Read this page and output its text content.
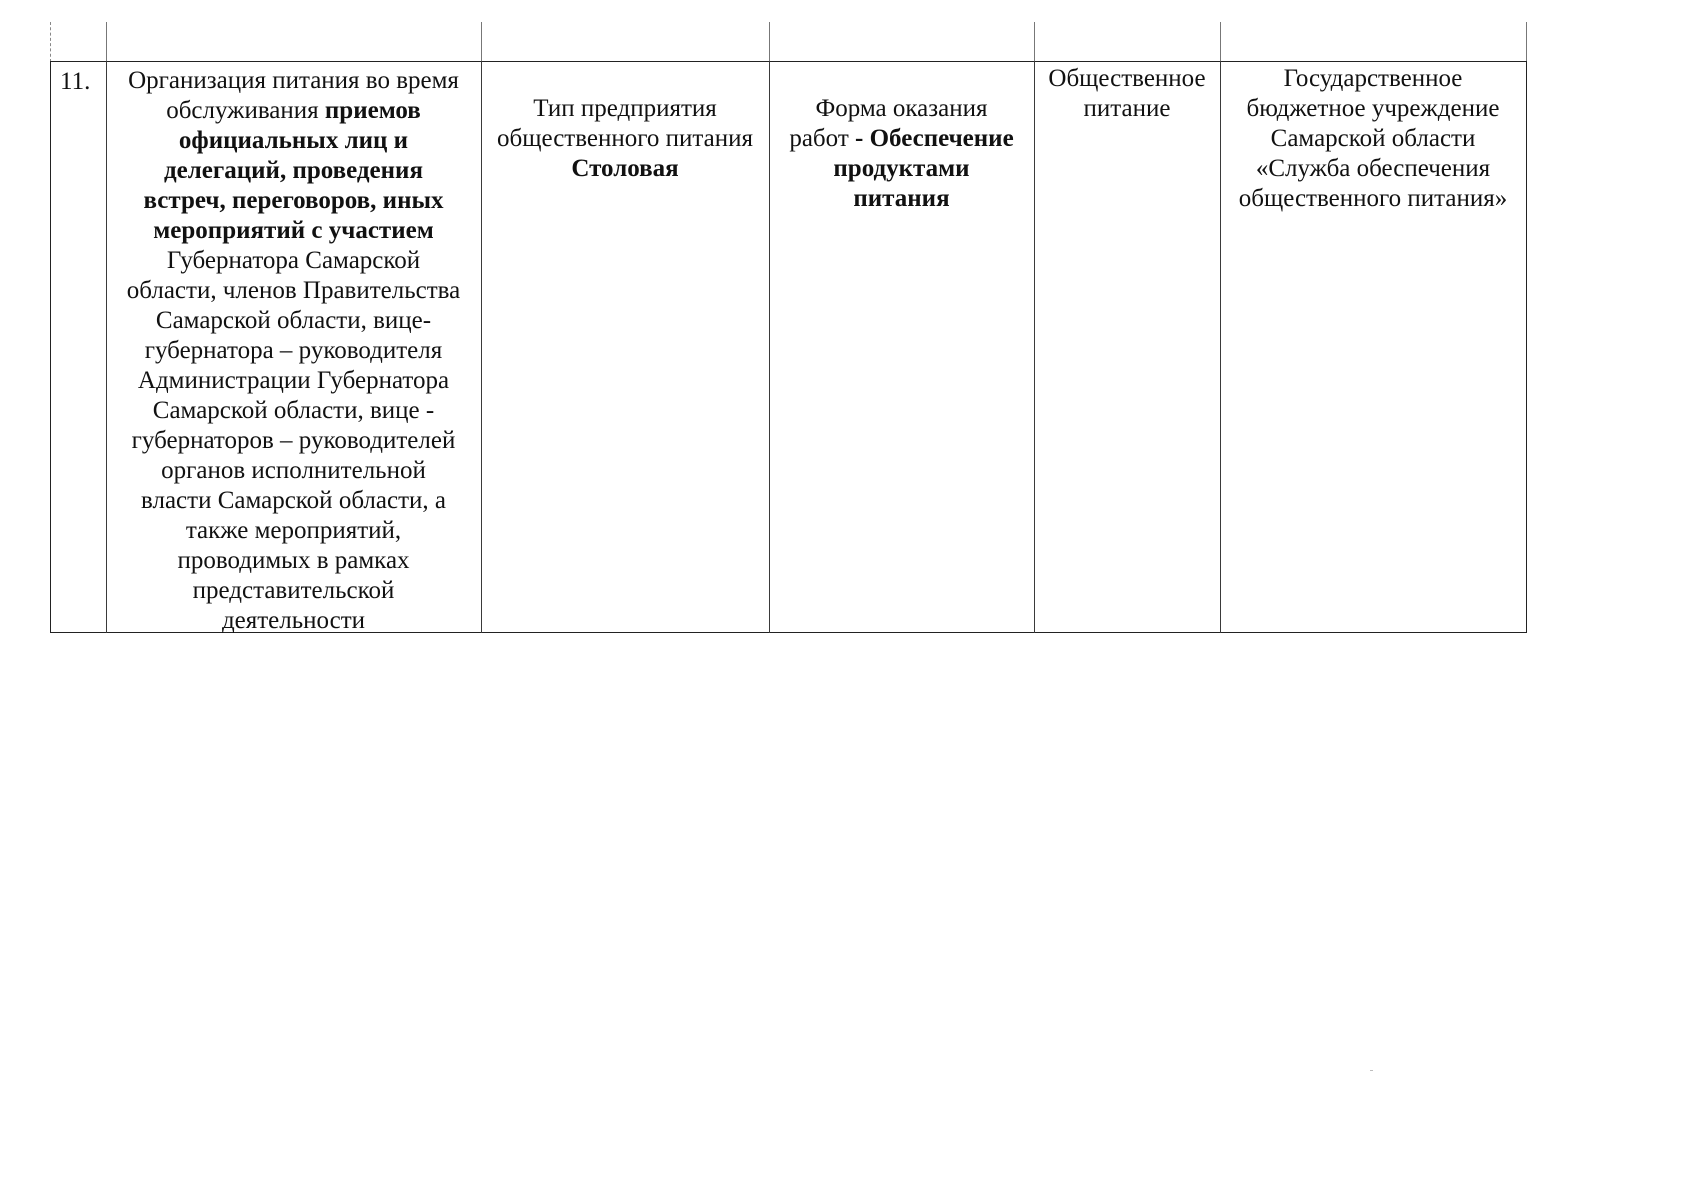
11.	Организация питания во время
обслуживания приемов
официальных лиц и
делегаций, проведения
встреч, переговоров, иных
мероприятий с участием
Губернатора Самарской
области, членов Правительства
Самарской области, вице-
губернатора – руководителя
Администрации Губернатора
Самарской области, вице -
губернаторов – руководителей
органов исполнительной
власти Самарской области, а
также мероприятий,
проводимых в рамках
представительской
деятельности
Тип предприятия
общественного питания
Столовая
Форма оказания
работ - Обеспечение
продуктами
питания
Общественное
питание
Государственное
бюджетное учреждение
Самарской области
«Служба обеспечения
общественного питания»
